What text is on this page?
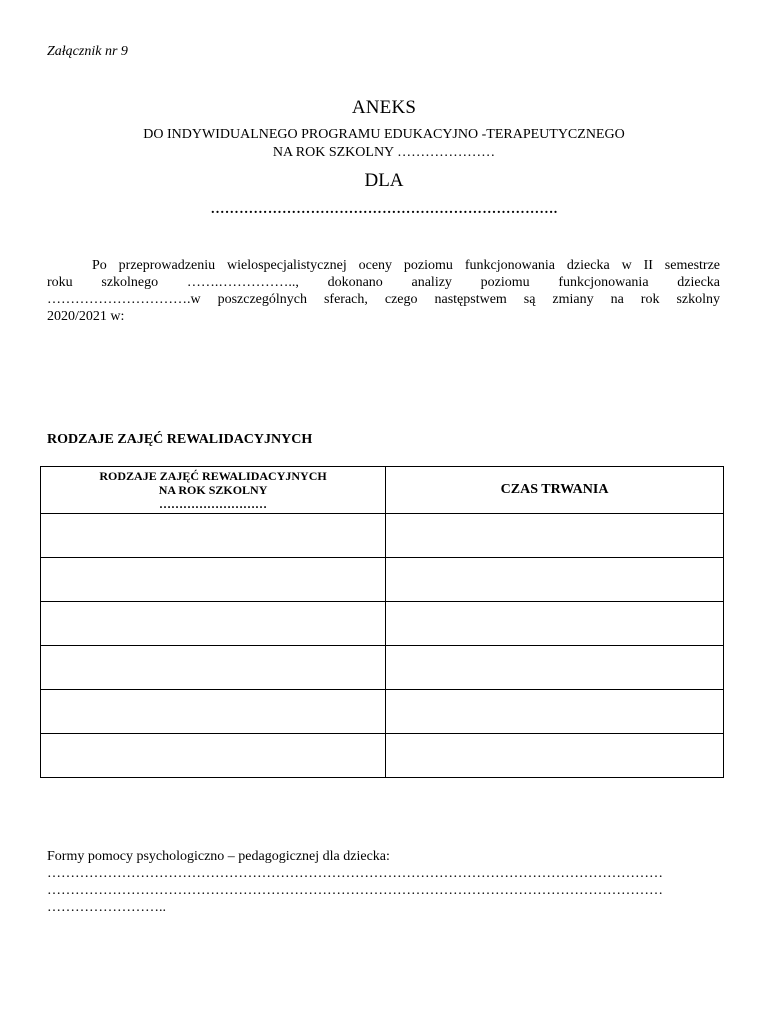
Załącznik nr 9
ANEKS
DO INDYWIDUALNEGO PROGRAMU EDUKACYJNO -TERAPEUTYCZNEGO
NA ROK SZKOLNY …………………
DLA
……………………………………………………………….
Po przeprowadzeniu wielospecjalistycznej oceny poziomu funkcjonowania dziecka w II semestrze
roku szkolnego …….…………….., dokonano analizy poziomu funkcjonowania dziecka
………………………….w poszczególnych sferach, czego następstwem są zmiany na rok szkolny
2020/2021 w:
RODZAJE ZAJĘĆ REWALIDACYJNYCH
RODZAJE ZAJĘĆ REWALIDACYJNYCH
NA ROK SZKOLNY
………………………	CZAS TRWANIA

Formy pomocy psychologiczno – pedagogicznej dla dziecka:
……………………………………………………………………………………………………………………
……………………………………………………………………………………………………………………
……………………..
